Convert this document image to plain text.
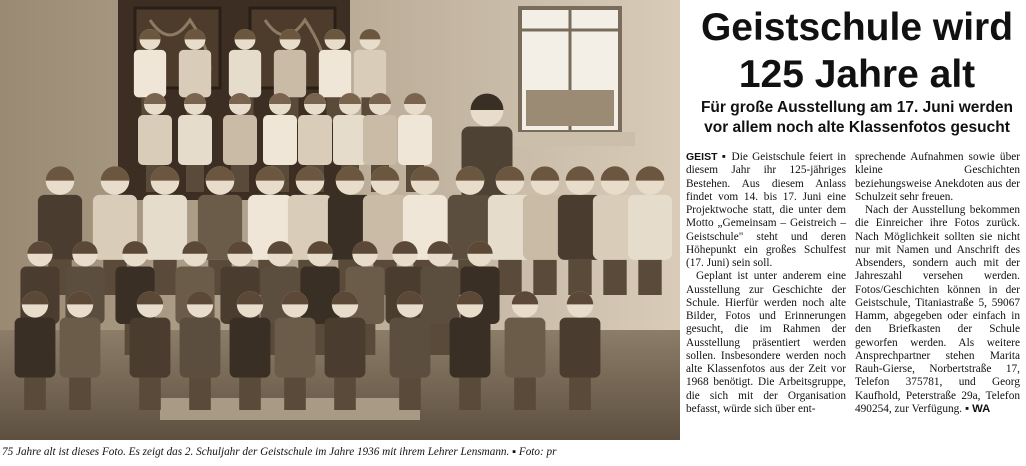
75 Jahre alt ist dieses Foto. Es zeigt das 2. Schuljahr der Geistschule im Jahre 1936 mit ihrem Lehrer Lensmann. ▪ Foto: pr
Geistschule wird
125 Jahre alt
Für große Ausstellung am 17. Juni werden
vor allem noch alte Klassenfotos gesucht

GEIST ▪ Die Geistschule feiert in diesem Jahr ihr 125-jähriges Bestehen. Aus diesem Anlass findet vom 14. bis 17. Juni eine Projektwoche statt, die unter dem Motto „Gemeinsam – Geistreich – Geistschule" steht und deren Höhepunkt ein großes Schulfest (17. Juni) sein soll.

Geplant ist unter anderem eine Ausstellung zur Geschichte der Schule. Hierfür werden noch alte Bilder, Fotos und Erinnerungen gesucht, die im Rahmen der Ausstellung präsentiert werden sollen. Insbesondere werden noch alte Klassenfotos aus der Zeit vor 1968 benötigt. Die Arbeitsgruppe, die sich mit der Organisation befasst, würde sich über ent-

sprechende Aufnahmen sowie über kleine Geschichten beziehungsweise Anekdoten aus der Schulzeit sehr freuen.

Nach der Ausstellung bekommen die Einreicher ihre Fotos zurück. Nach Möglichkeit sollten sie nicht nur mit Namen und Anschrift des Absenders, sondern auch mit der Jahreszahl versehen werden. Fotos/Geschichten können in der Geistschule, Titaniastraße 5, 59067 Hamm, abgegeben oder einfach in den Briefkasten der Schule geworfen werden. Als weitere Ansprechpartner stehen Marita Rauh-Gierse, Norbertstraße 17, Telefon 375781, und Georg Kaufhold, Peterstraße 29a, Telefon 490254, zur Verfügung. ▪ WA
